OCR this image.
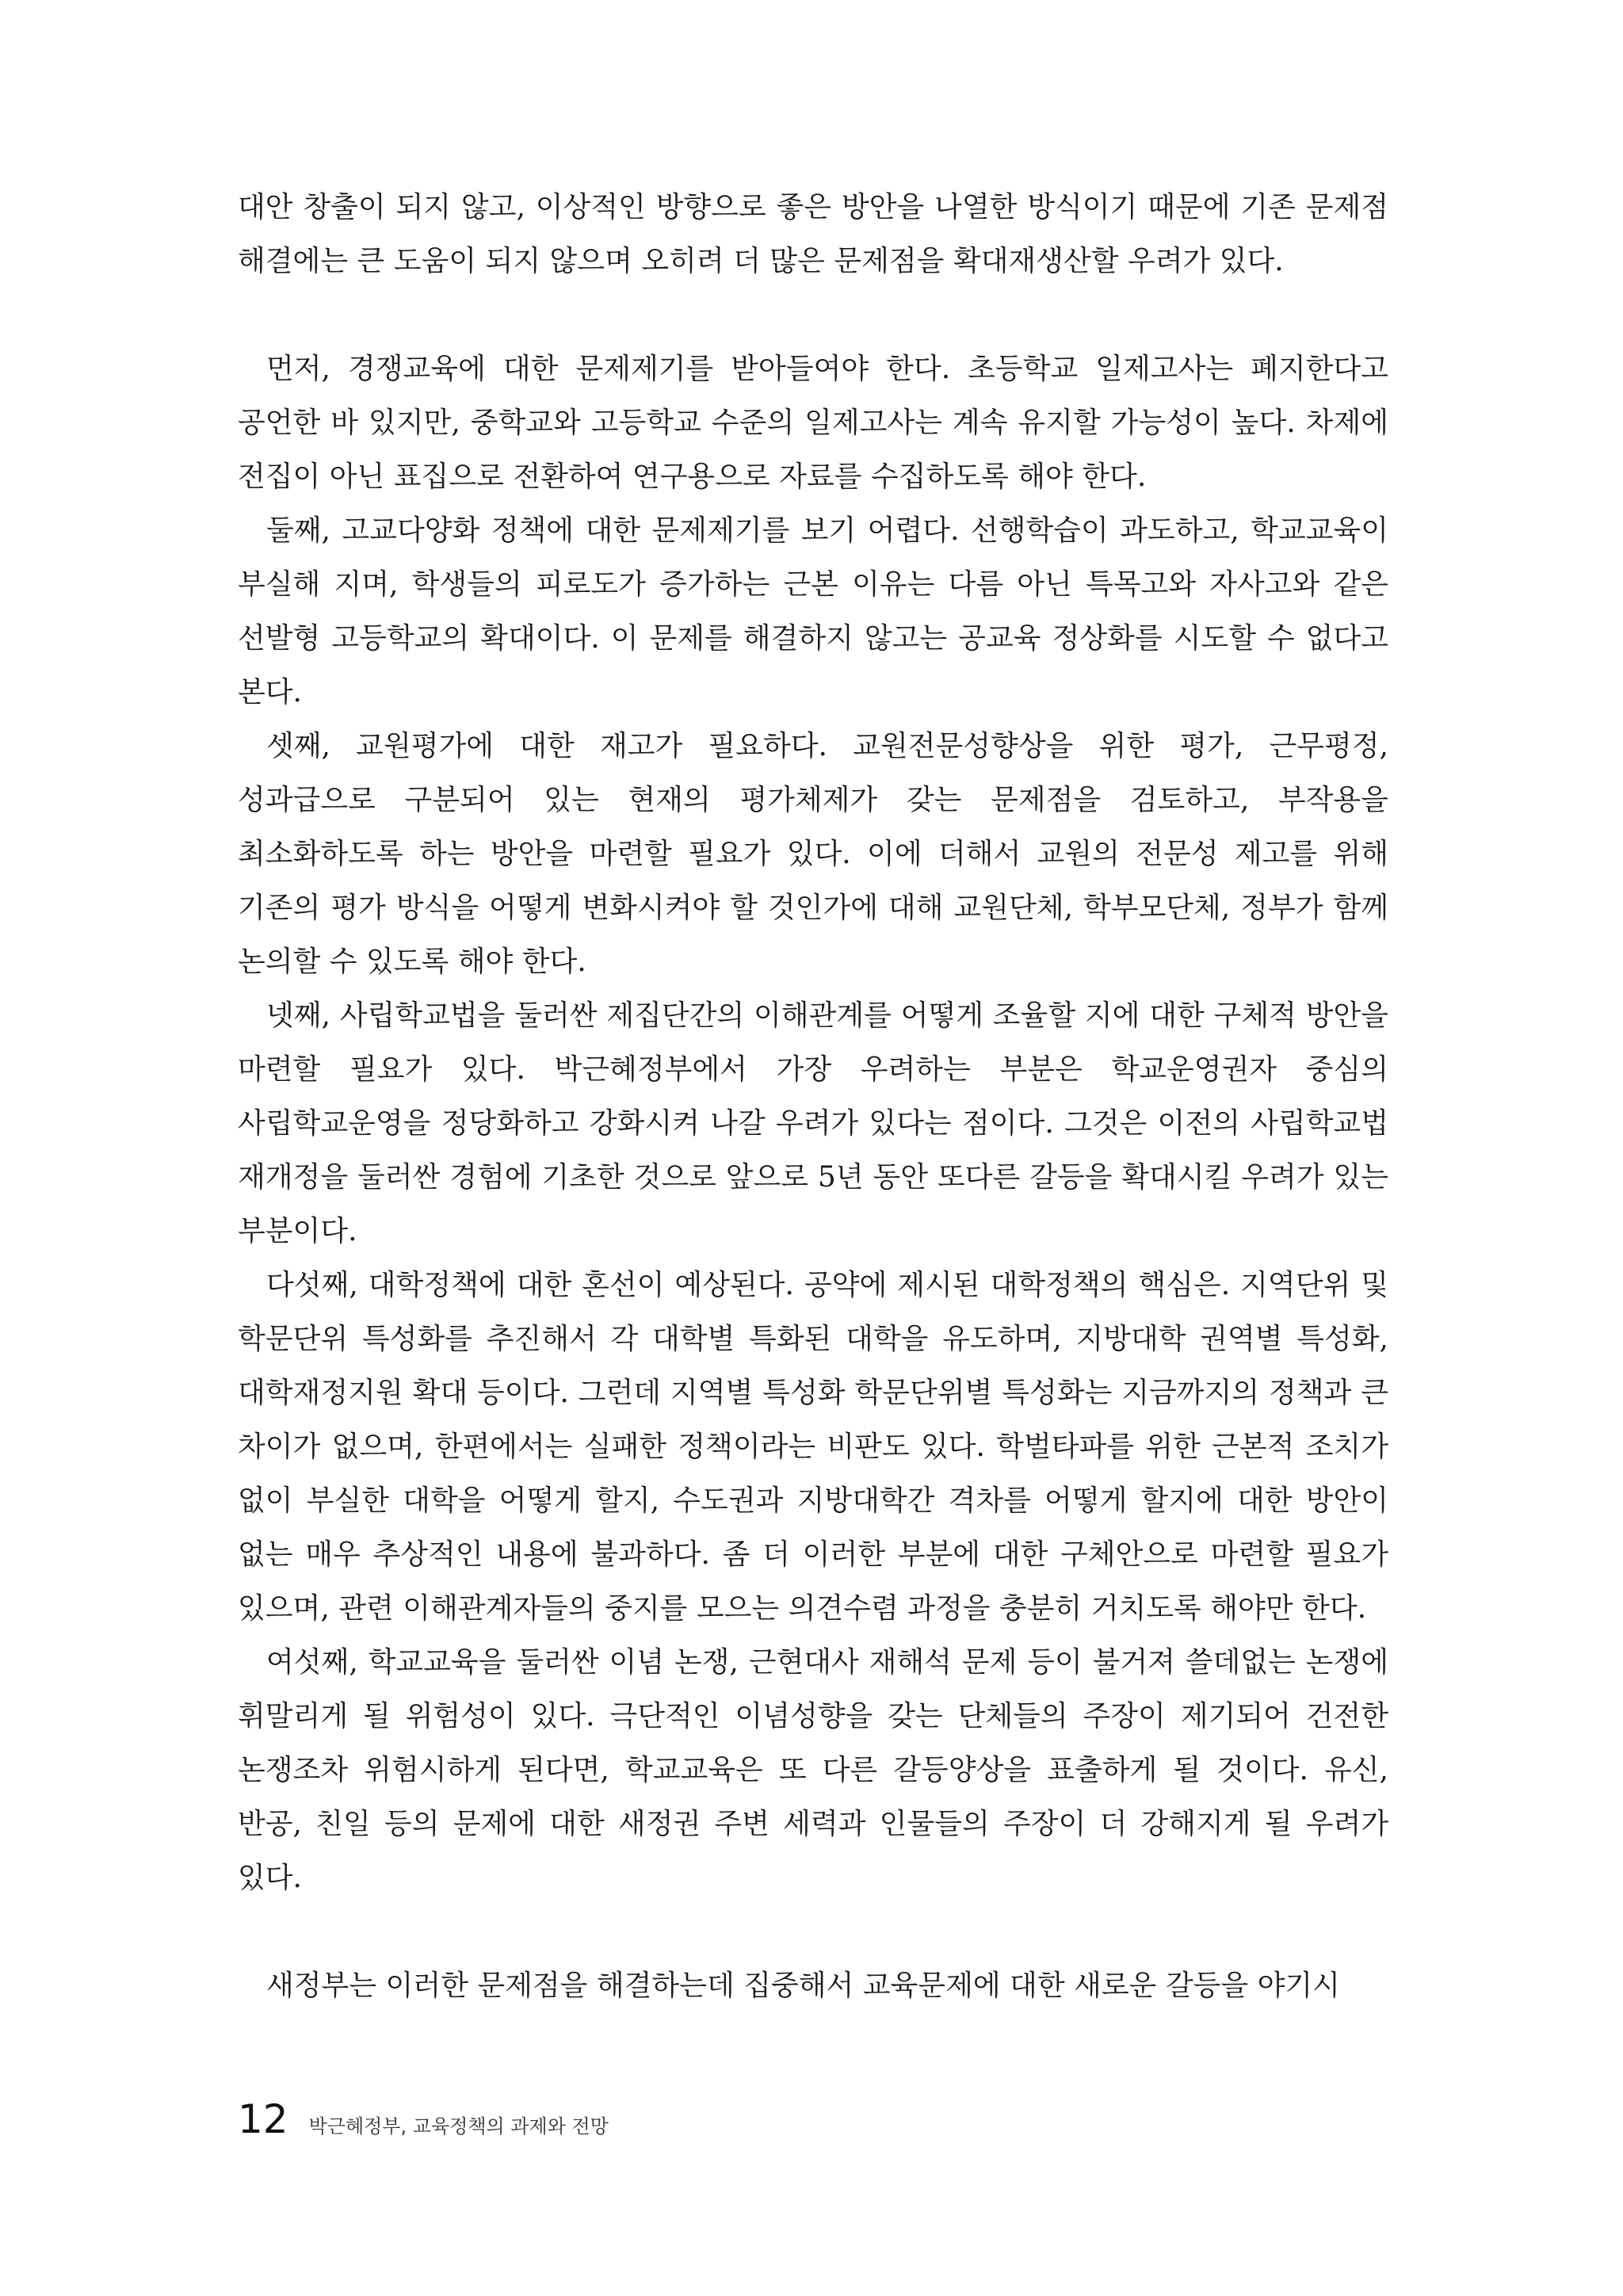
대안 창출이 되지 않고, 이상적인 방향으로 좋은 방안을 나열한 방식이기 때문에 기존 문제점 해결에는 큰 도움이 되지 않으며 오히려 더 많은 문제점을 확대재생산할 우려가 있다.

먼저, 경쟁교육에 대한 문제제기를 받아들여야 한다. 초등학교 일제고사는 폐지한다고 공언한 바 있지만, 중학교와 고등학교 수준의 일제고사는 계속 유지할 가능성이 높다. 차제에 전집이 아닌 표집으로 전환하여 연구용으로 자료를 수집하도록 해야 한다.

둘째, 고교다양화 정책에 대한 문제제기를 보기 어렵다. 선행학습이 과도하고, 학교교육이 부실해 지며, 학생들의 피로도가 증가하는 근본 이유는 다름 아닌 특목고와 자사고와 같은 선발형 고등학교의 확대이다. 이 문제를 해결하지 않고는 공교육 정상화를 시도할 수 없다고 본다.

셋째, 교원평가에 대한 재고가 필요하다. 교원전문성향상을 위한 평가, 근무평정, 성과급으로 구분되어 있는 현재의 평가체제가 갖는 문제점을 검토하고, 부작용을 최소화하도록 하는 방안을 마련할 필요가 있다. 이에 더해서 교원의 전문성 제고를 위해 기존의 평가 방식을 어떻게 변화시켜야 할 것인가에 대해 교원단체, 학부모단체, 정부가 함께 논의할 수 있도록 해야 한다.

넷째, 사립학교법을 둘러싼 제집단간의 이해관계를 어떻게 조율할 지에 대한 구체적 방안을 마련할 필요가 있다. 박근혜정부에서 가장 우려하는 부분은 학교운영권자 중심의 사립학교운영을 정당화하고 강화시켜 나갈 우려가 있다는 점이다. 그것은 이전의 사립학교법 재개정을 둘러싼 경험에 기초한 것으로 앞으로 5년 동안 또다른 갈등을 확대시킬 우려가 있는 부분이다.

다섯째, 대학정책에 대한 혼선이 예상된다. 공약에 제시된 대학정책의 핵심은. 지역단위 및 학문단위 특성화를 추진해서 각 대학별 특화된 대학을 유도하며, 지방대학 권역별 특성화, 대학재정지원 확대 등이다. 그런데 지역별 특성화 학문단위별 특성화는 지금까지의 정책과 큰 차이가 없으며, 한편에서는 실패한 정책이라는 비판도 있다. 학벌타파를 위한 근본적 조치가 없이 부실한 대학을 어떻게 할지, 수도권과 지방대학간 격차를 어떻게 할지에 대한 방안이 없는 매우 추상적인 내용에 불과하다. 좀 더 이러한 부분에 대한 구체안으로 마련할 필요가 있으며, 관련 이해관계자들의 중지를 모으는 의견수렴 과정을 충분히 거치도록 해야만 한다.

여섯째, 학교교육을 둘러싼 이념 논쟁, 근현대사 재해석 문제 등이 불거져 쓸데없는 논쟁에 휘말리게 될 위험성이 있다. 극단적인 이념성향을 갖는 단체들의 주장이 제기되어 건전한 논쟁조차 위험시하게 된다면, 학교교육은 또 다른 갈등양상을 표출하게 될 것이다. 유신, 반공, 친일 등의 문제에 대한 새정권 주변 세력과 인물들의 주장이 더 강해지게 될 우려가 있다.

새정부는 이러한 문제점을 해결하는데 집중해서 교육문제에 대한 새로운 갈등을 야기시

12 박근혜정부, 교육정책의 과제와 전망
